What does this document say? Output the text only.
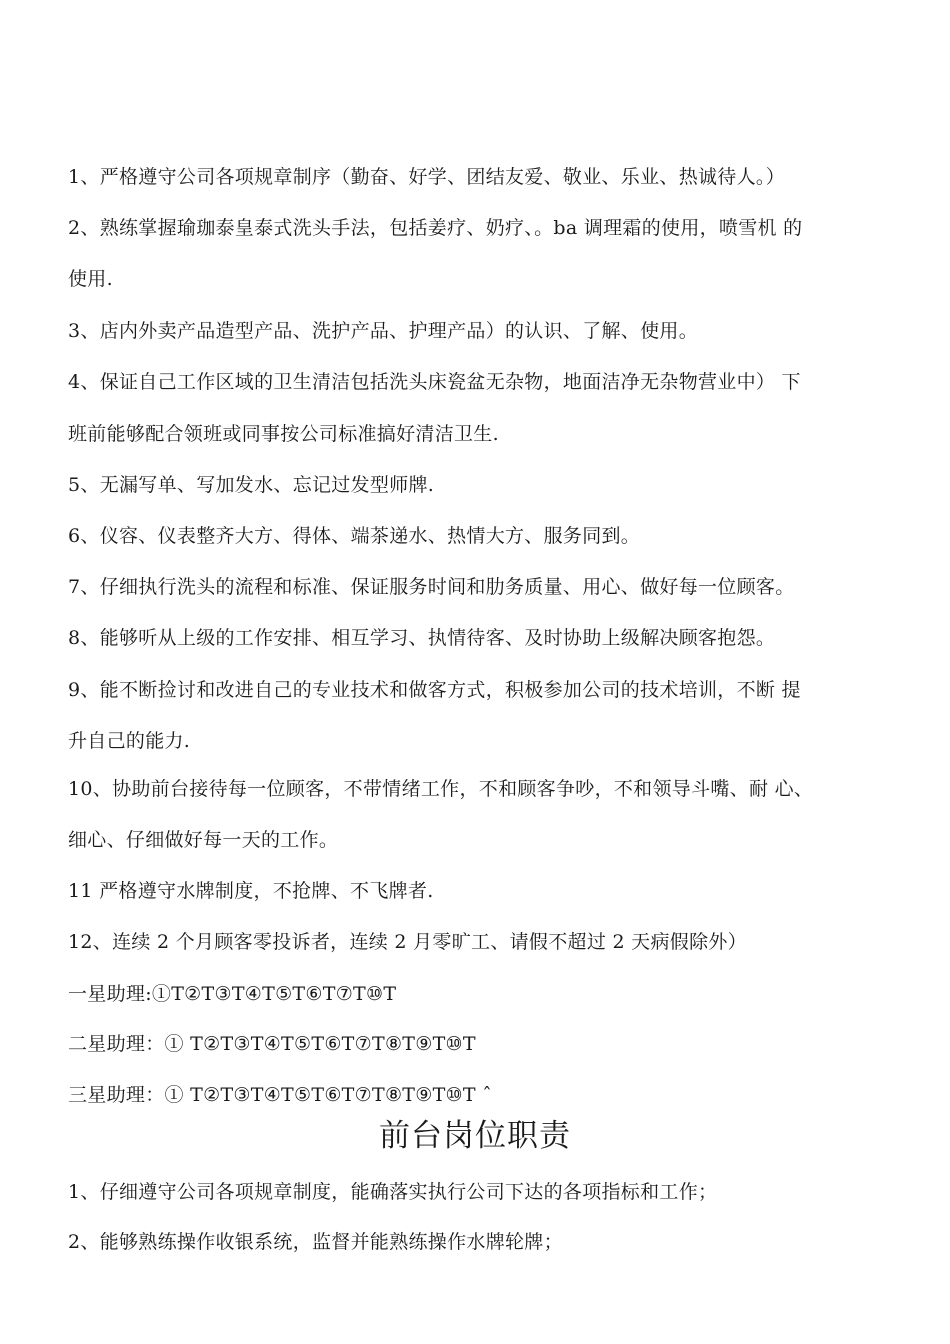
1、严格遵守公司各项规章制序（勤奋、好学、团结友爱、敬业、乐业、热诚待人。）
2、熟练掌握瑜珈泰皇泰式洗头手法，包括姜疗、奶疗、。ba 调理霜的使用，喷雪机 的
使用.
3、店内外卖产品造型产品、洗护产品、护理产品）的认识、了解、使用。
4、保证自己工作区域的卫生清洁包括洗头床瓷盆无杂物，地面洁净无杂物营业中） 下
班前能够配合领班或同事按公司标准搞好清洁卫生.
5、无漏写单、写加发水、忘记过发型师牌.
6、仪容、仪表整齐大方、得体、端茶递水、热情大方、服务同到。
7、仔细执行洗头的流程和标准、保证服务时间和肋务质量、用心、做好每一位顾客。
8、能够听从上级的工作安排、相互学习、执情待客、及时协助上级解决顾客抱怨。
9、能不断捡讨和改进自己的专业技术和做客方式，积极参加公司的技术培训，不断 提
升自己的能力.
10、协助前台接待每一位顾客，不带情绪工作，不和顾客争吵，不和领导斗嘴、耐 心、
细心、仔细做好每一天的工作。
11 严格遵守水牌制度，不抢牌、不飞牌者.
12、连续 2 个月顾客零投诉者，连续 2 月零旷工、请假不超过 2 天病假除外）
一星助理:①T②T③T④T⑤T⑥T⑦T⑩T
二星助理：① T②T③T④T⑤T⑥T⑦T⑧T⑨T⑩T
三星助理：① T②T③T④T⑤T⑥T⑦T⑧T⑨T⑩T ˆ
前台岗位职责
1、仔细遵守公司各项规章制度，能确落实执行公司下达的各项指标和工作；
2、能够熟练操作收银系统，监督并能熟练操作水牌轮牌；
